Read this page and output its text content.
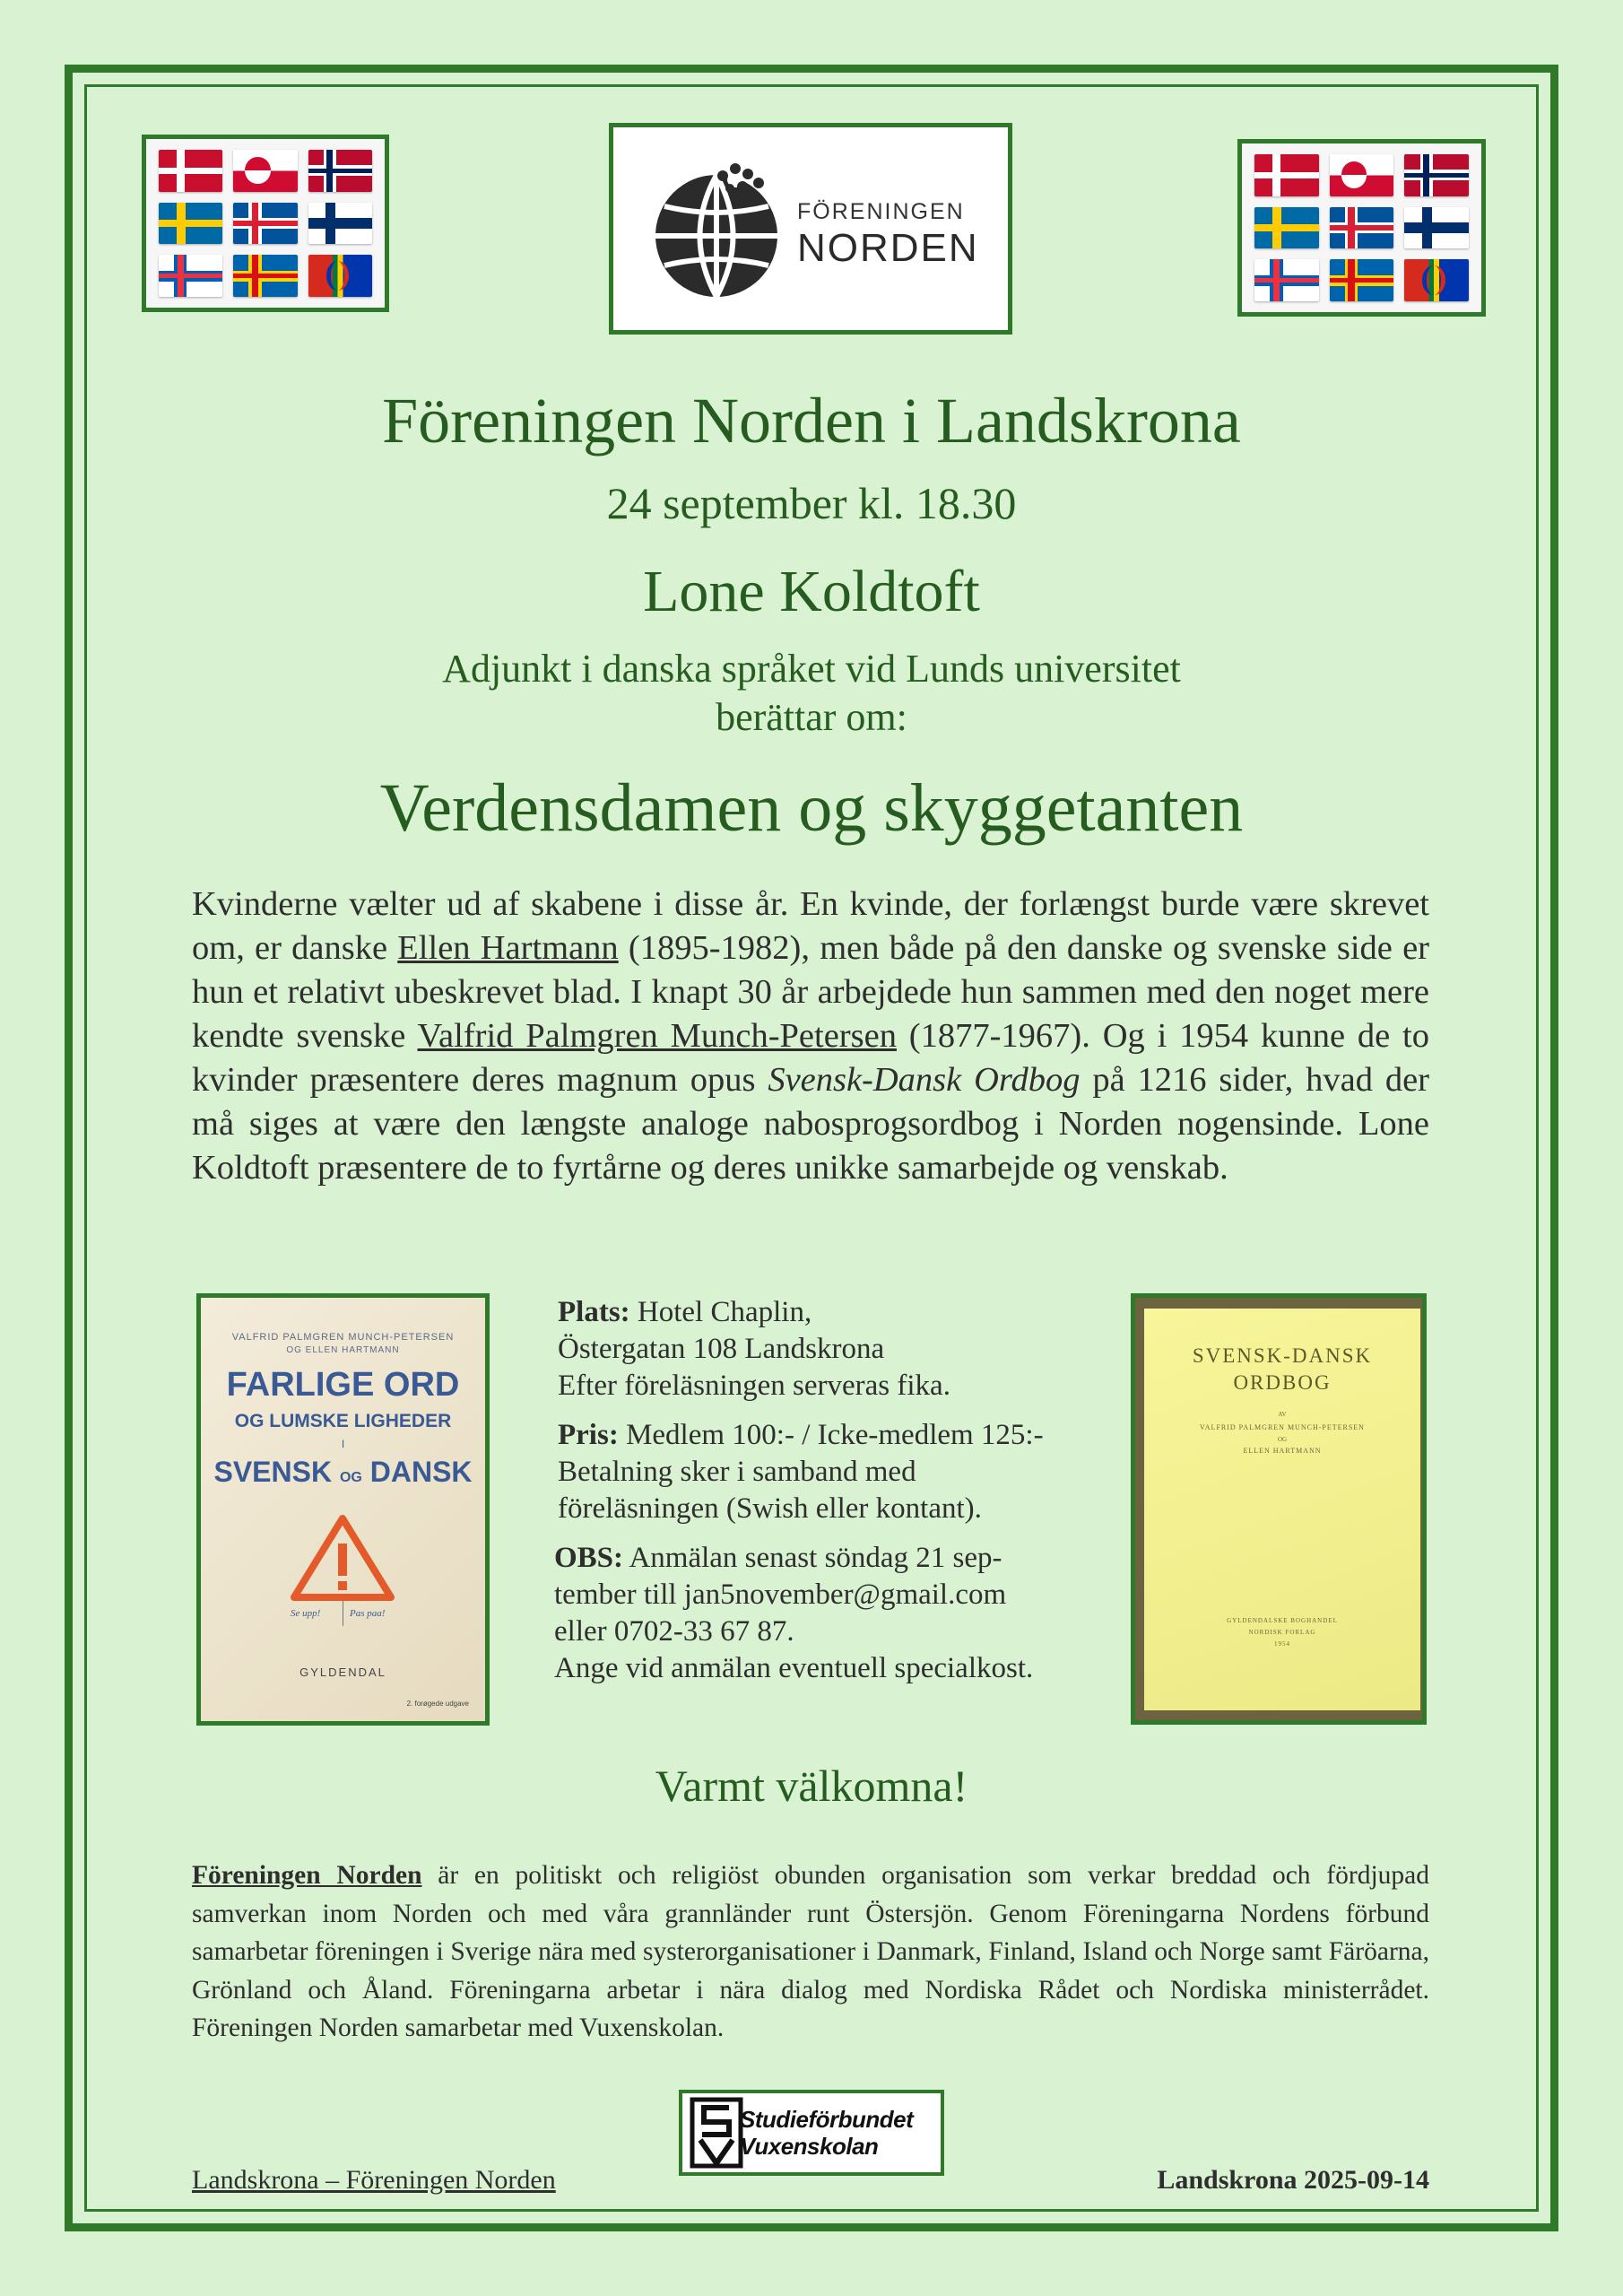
FÖRENINGEN
NORDEN
Föreningen Norden i Landskrona
24 september kl. 18.30
Lone Koldtoft
Adjunkt i danska språket vid Lunds universitet
berättar om:
Verdensdamen og skyggetanten
Kvinderne vælter ud af skabene i disse år. En kvinde, der forlængst burde være skrevet om, er danske Ellen Hartmann (1895-1982), men både på den danske og svenske side er hun et relativt ubeskrevet blad. I knapt 30 år arbejdede hun sammen med den noget mere kendte svenske Valfrid Palmgren Munch-Petersen (1877-1967). Og i 1954 kunne de to kvinder præsentere deres magnum opus Svensk-Dansk Ordbog på 1216 sider, hvad der må siges at være den længste analoge nabosprogsordbog i Norden nogensinde. Lone Koldtoft præsentere de to fyrtårne og deres unikke samarbejde og venskab.
VALFRID PALMGREN MUNCH-PETERSEN
OG ELLEN HARTMANN
FARLIGE ORD
OG LUMSKE LIGHEDER
I
SVENSK OG DANSK
Se upp!	Pas paa!
GYLDENDAL
2. forøgede udgave
Plats: Hotel Chaplin,
Östergatan 108 Landskrona
Efter föreläsningen serveras fika.
Pris: Medlem 100:- / Icke-medlem 125:-
Betalning sker i samband med
föreläsningen (Swish eller kontant).
OBS: Anmälan senast söndag 21 sep-
tember till jan5november@gmail.com
eller 0702-33 67 87.
Ange vid anmälan eventuell specialkost.
SVENSK-DANSK
ORDBOG
AV
VALFRID PALMGREN MUNCH-PETERSEN
OG
ELLEN HARTMANN
GYLDENDALSKE BOGHANDEL
NORDISK FORLAG
1954
Varmt välkomna!
Föreningen Norden är en politiskt och religiöst obunden organisation som verkar breddad och fördjupad samverkan inom Norden och med våra grannländer runt Östersjön. Genom Föreningarna Nordens förbund samarbetar föreningen i Sverige nära med systerorganisationer i Danmark, Finland, Island och Norge samt Färöarna, Grönland och Åland. Föreningarna arbetar i nära dialog med Nordiska Rådet och Nordiska ministerrådet. Föreningen Norden samarbetar med Vuxenskolan.
Studieförbundet
Vuxenskolan
Landskrona – Föreningen Norden	Landskrona 2025-09-14
